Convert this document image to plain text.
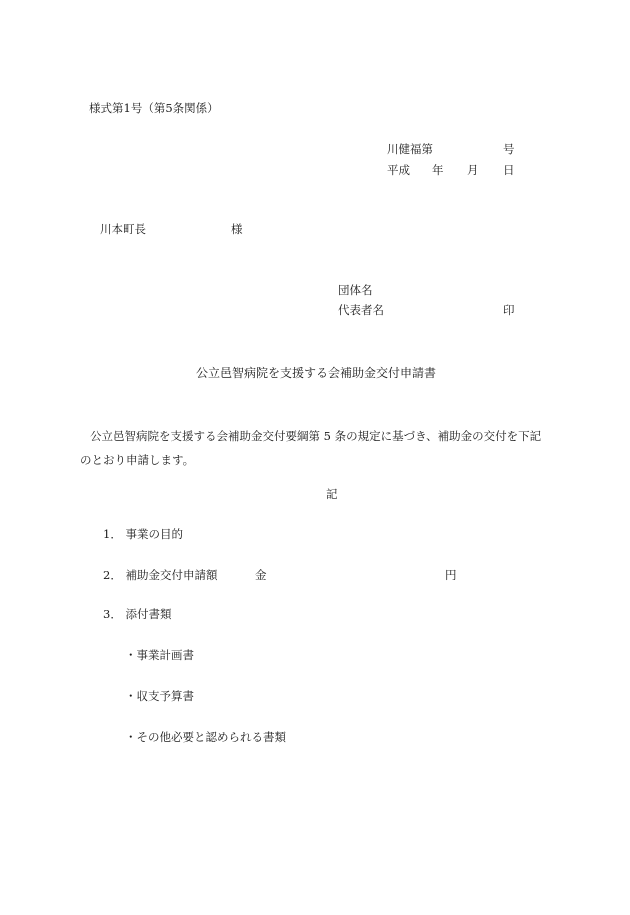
様式第1号（第5条関係）

川健福第	号
平成 年 月 日
川本町長	様
団体名
代表者名	印

公立邑智病院を支援する会補助金交付申請書

公立邑智病院を支援する会補助金交付要綱第 5 条の規定に基づき、補助金の交付を下記のとおり申請します。

記

1． 事業の目的
2． 補助金交付申請額	金	円
3． 添付書類

・事業計画書

・収支予算書

・その他必要と認められる書類
